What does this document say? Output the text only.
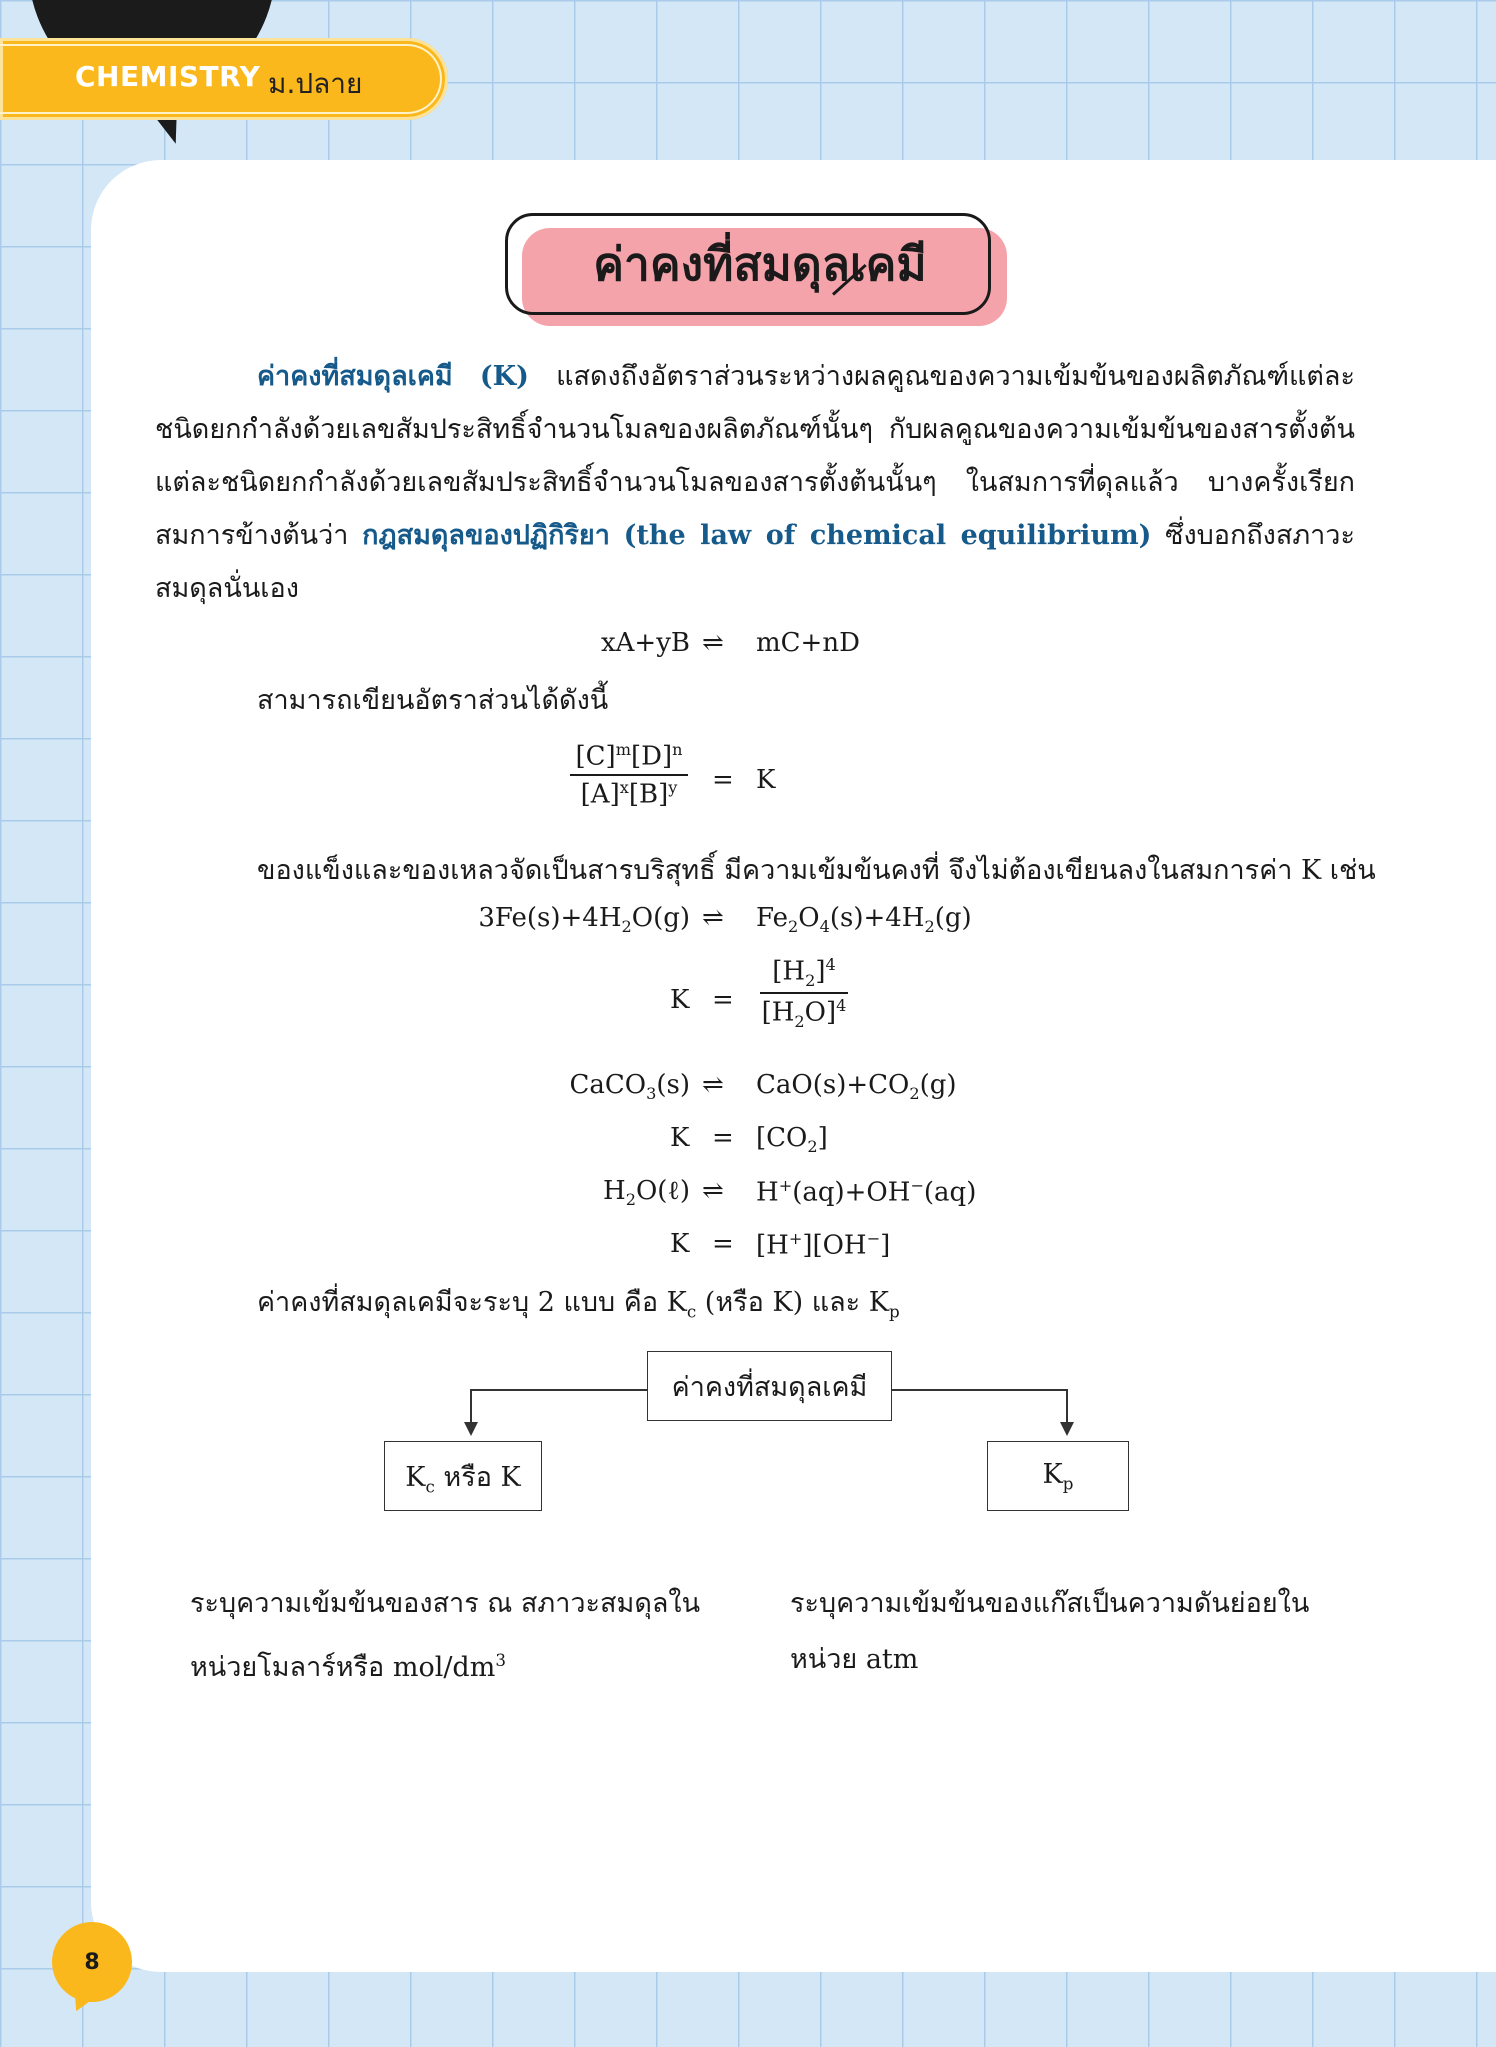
CHEMISTRY ม.ปลาย
ค่าคงที่สมดุลเคมี
ค่าคงที่สมดุลเคมี (K) แสดงถึงอัตราส่วนระหว่างผลคูณของความเข้มข้นของผลิตภัณฑ์แต่ละชนิดยกกำลังด้วยเลขสัมประสิทธิ์จำนวนโมลของผลิตภัณฑ์นั้นๆ กับผลคูณของความเข้มข้นของสารตั้งต้นแต่ละชนิดยกกำลังด้วยเลขสัมประสิทธิ์จำนวนโมลของสารตั้งต้นนั้นๆ ในสมการที่ดุลแล้ว บางครั้งเรียกสมการข้างต้นว่า กฎสมดุลของปฏิกิริยา (the law of chemical equilibrium) ซึ่งบอกถึงสภาวะสมดุลนั่นเอง
xA+yB ⇌	mC+nD
สามารถเขียนอัตราส่วนได้ดังนี้
$[C]^m[D]^n$
$[A]^x[B]^y$	= K
ของแข็งและของเหลวจัดเป็นสารบริสุทธิ์ มีความเข้มข้นคงที่ จึงไม่ต้องเขียนลงในสมการค่า K เช่น
$3Fe(s)+4H_2O(g)$ ⇌	$Fe_2O_4(s)+4H_2(g)$
K =
$[H_2]^4$
$[H_2O]^4$
CaCO$_3$(s) ⇌	$CaO(s)+CO_2(g)$
$K = [CO_2]$
$H_2O(\ell)$ ⇌	H+(aq)+OH−(aq)
K = [H+][OH−]
ค่าคงที่สมดุลเคมีจะระบุ 2 แบบ คือ $K_c$ (หรือ K) และ $K_p$
ค่าคงที่สมดุลเคมี
$K_c$ หรือ K	$K_p$
ระบุความเข้มข้นของสาร ณ สภาวะสมดุลใน
หน่วยโมลาร์หรือ mol/$dm^3$
ระบุความเข้มข้นของแก๊สเป็นความดันย่อยใน
หน่วย atm
8
